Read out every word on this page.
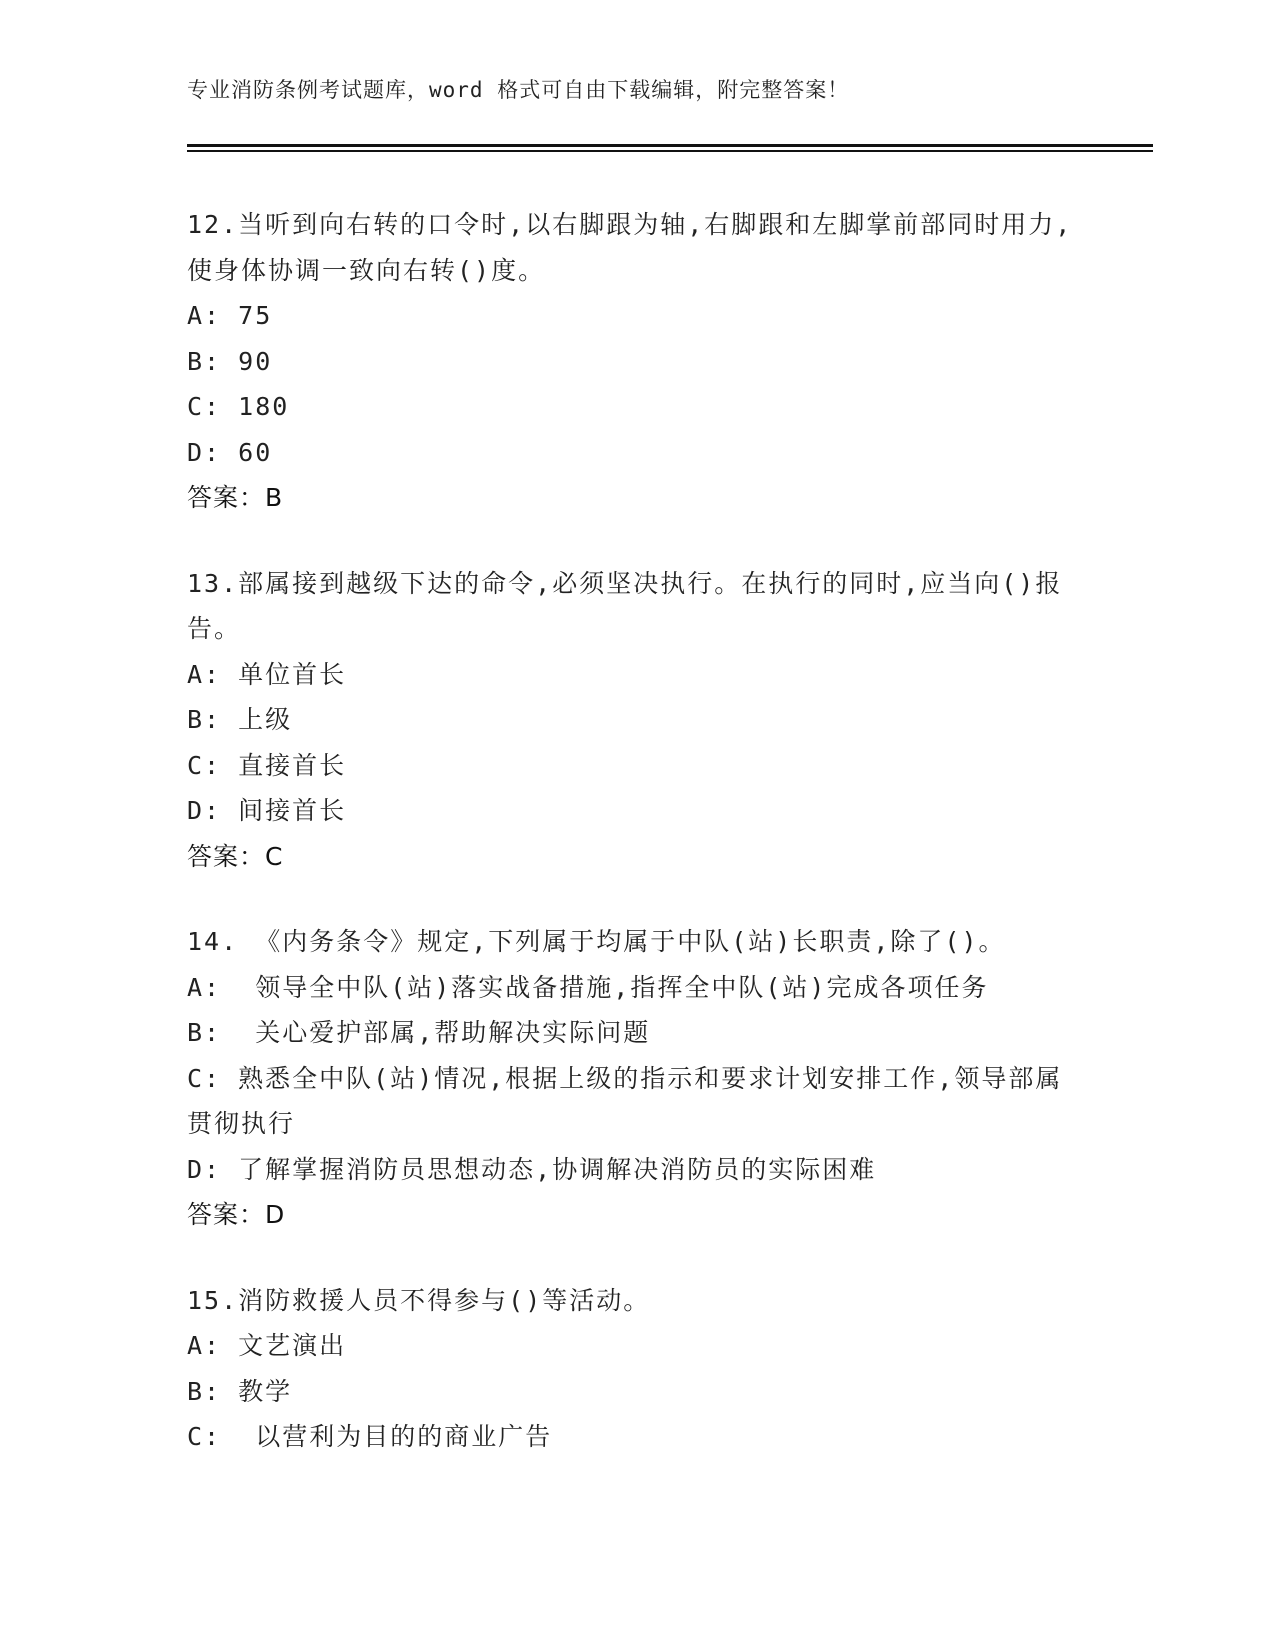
专业消防条例考试题库，word 格式可自由下载编辑，附完整答案！
12.当听到向右转的口令时,以右脚跟为轴,右脚跟和左脚掌前部同时用力,使身体协调一致向右转()度。
A: 75
B: 90
C: 180
D: 60
答案：B
13.部属接到越级下达的命令,必须坚决执行。在执行的同时,应当向()报告。
A: 单位首长
B: 上级
C: 直接首长
D: 间接首长
答案：C
14. 《内务条令》规定,下列属于均属于中队(站)长职责,除了()。
A:  领导全中队(站)落实战备措施,指挥全中队(站)完成各项任务
B:  关心爱护部属,帮助解决实际问题
C: 熟悉全中队(站)情况,根据上级的指示和要求计划安排工作,领导部属贯彻执行
D: 了解掌握消防员思想动态,协调解决消防员的实际困难
答案：D
15.消防救援人员不得参与()等活动。
A: 文艺演出
B: 教学
C:  以营利为目的的商业广告
